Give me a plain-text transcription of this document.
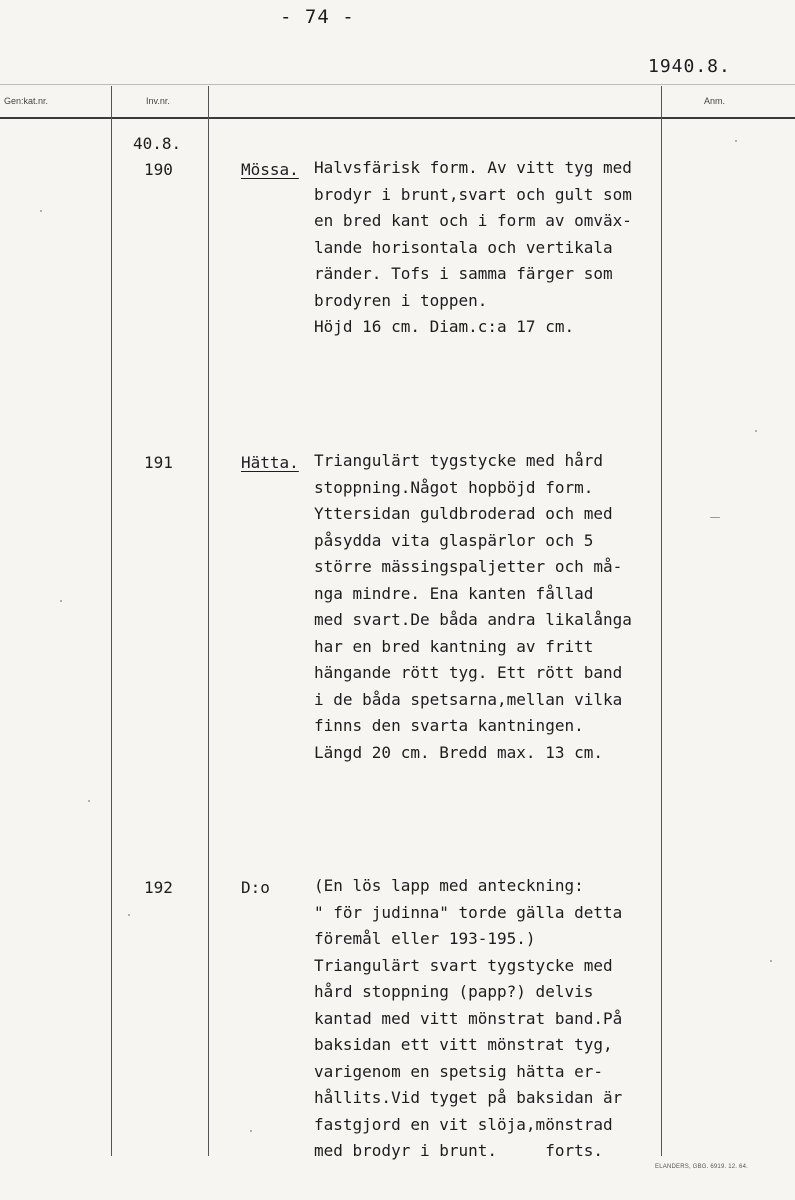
- 74 -
1940.8.
Gen:kat.nr.	Inv.nr.	Anm.
40.8.
190	Mössa. Halvsfärisk form. Av vitt tyg med
brodyr i brunt,svart och gult som
en bred kant och i form av omväx-
lande horisontala och vertikala
ränder. Tofs i samma färger som
brodyren i toppen.
Höjd 16 cm. Diam.c:a 17 cm.
191	Hätta. Triangulärt tygstycke med hård
stoppning.Något hopböjd form.
Yttersidan guldbroderad och med
påsydda vita glaspärlor och 5
större mässingspaljetter och må-
nga mindre. Ena kanten fållad
med svart.De båda andra likalånga
har en bred kantning av fritt
hängande rött tyg. Ett rött band
i de båda spetsarna,mellan vilka
finns den svarta kantningen.
Längd 20 cm. Bredd max. 13 cm.
192	D:o	(En lös lapp med anteckning:
" för judinna" torde gälla detta
föremål eller 193-195.)
Triangulärt svart tygstycke med
hård stoppning (papp?) delvis
kantad med vitt mönstrat band.På
baksidan ett vitt mönstrat tyg,
varigenom en spetsig hätta er-
hållits.Vid tyget på baksidan är
fastgjord en vit slöja,mönstrad
med brodyr i brunt.     forts.
ELANDERS, GBG. 6919. 12. 64.
